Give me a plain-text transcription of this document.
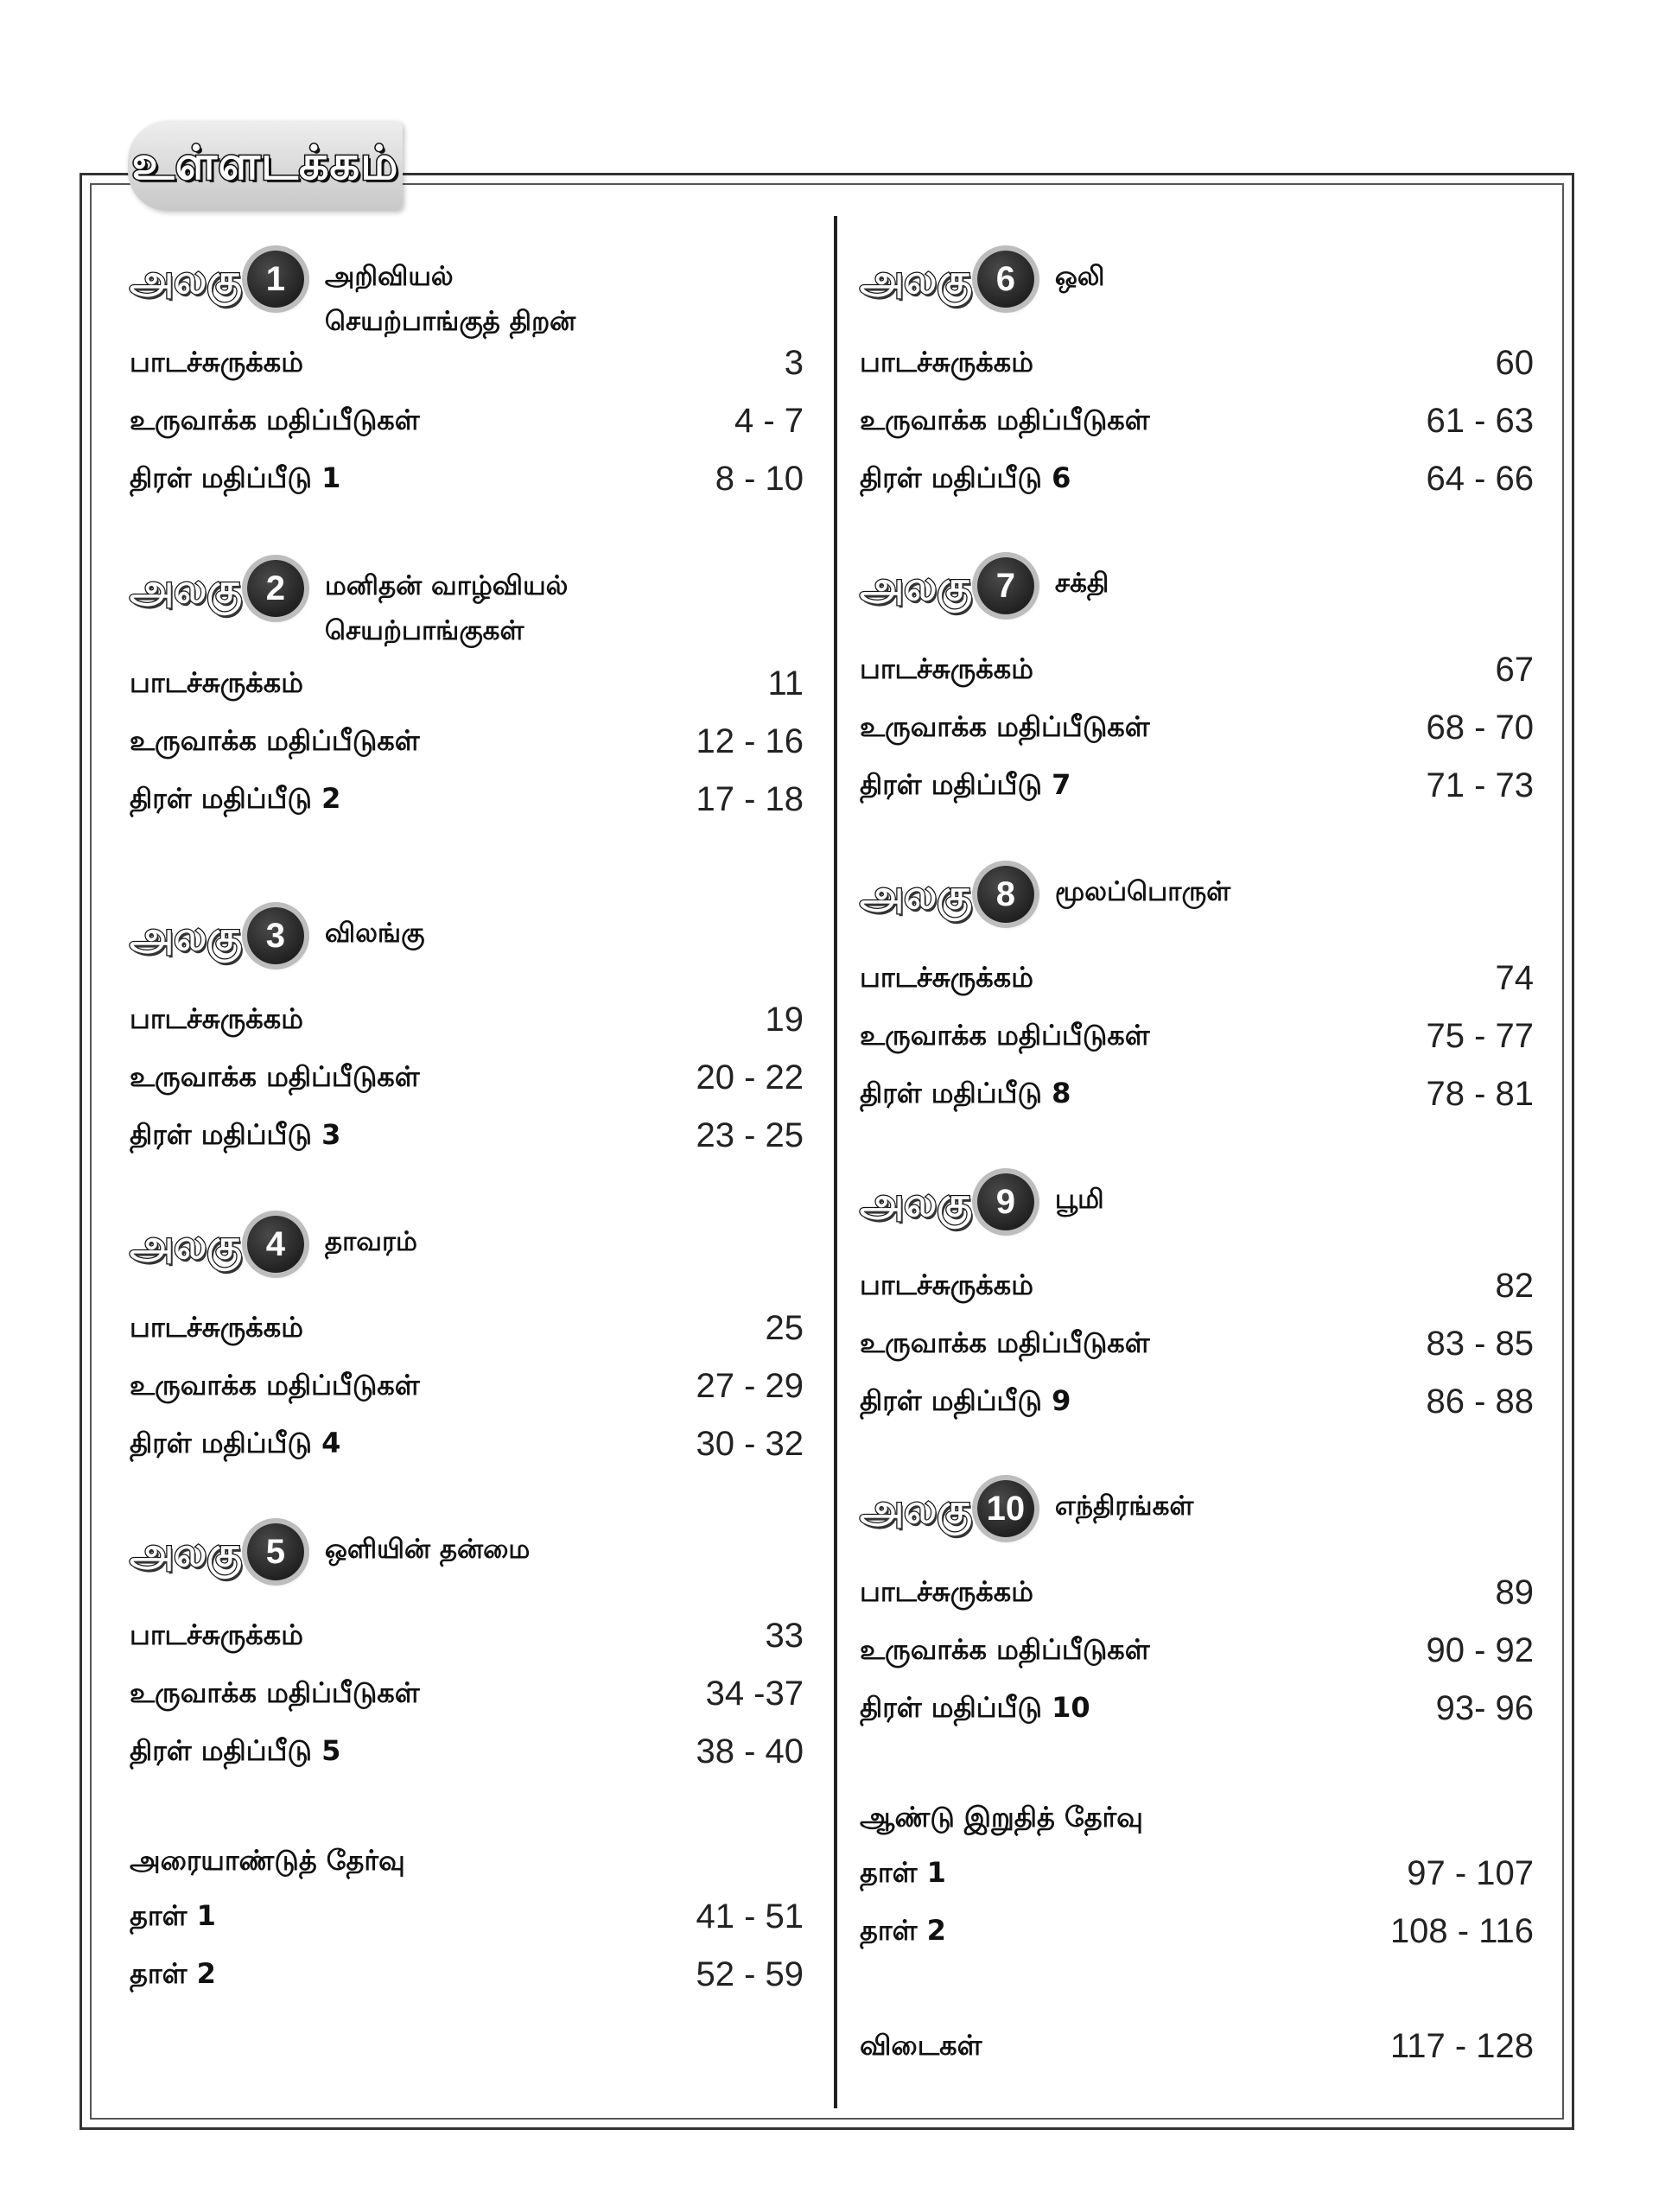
உள்ளடக்கம்
அலகு 1	அறிவியல் செயற்பாங்குத் திறன்
பாடச்சுருக்கம்	3
உருவாக்க மதிப்பீடுகள்	4 - 7
திரள் மதிப்பீடு 1	8 - 10
அலகு 2	மனிதன் வாழ்வியல் செயற்பாங்குகள்
பாடச்சுருக்கம்	11
உருவாக்க மதிப்பீடுகள்	12 - 16
திரள் மதிப்பீடு 2	17 - 18
அலகு 3	விலங்கு
பாடச்சுருக்கம்	19
உருவாக்க மதிப்பீடுகள்	20 - 22
திரள் மதிப்பீடு 3	23 - 25
அலகு 4	தாவரம்
பாடச்சுருக்கம்	25
உருவாக்க மதிப்பீடுகள்	27 - 29
திரள் மதிப்பீடு 4	30 - 32
அலகு 5	ஒளியின் தன்மை
பாடச்சுருக்கம்	33
உருவாக்க மதிப்பீடுகள்	34 -37
திரள் மதிப்பீடு 5	38 - 40
அரையாண்டுத் தேர்வு
தாள் 1	41 - 51
தாள் 2	52 - 59
அலகு 6	ஒலி
பாடச்சுருக்கம்	60
உருவாக்க மதிப்பீடுகள்	61 - 63
திரள் மதிப்பீடு 6	64 - 66
அலகு 7	சக்தி
பாடச்சுருக்கம்	67
உருவாக்க மதிப்பீடுகள்	68 - 70
திரள் மதிப்பீடு 7	71 - 73
அலகு 8	மூலப்பொருள்
பாடச்சுருக்கம்	74
உருவாக்க மதிப்பீடுகள்	75 - 77
திரள் மதிப்பீடு 8	78 - 81
அலகு 9	பூமி
பாடச்சுருக்கம்	82
உருவாக்க மதிப்பீடுகள்	83 - 85
திரள் மதிப்பீடு 9	86 - 88
அலகு 10	எந்திரங்கள்
பாடச்சுருக்கம்	89
உருவாக்க மதிப்பீடுகள்	90 - 92
திரள் மதிப்பீடு 10	93- 96
ஆண்டு இறுதித் தேர்வு
தாள் 1	97 - 107
தாள் 2	108 - 116
விடைகள்	117 - 128
